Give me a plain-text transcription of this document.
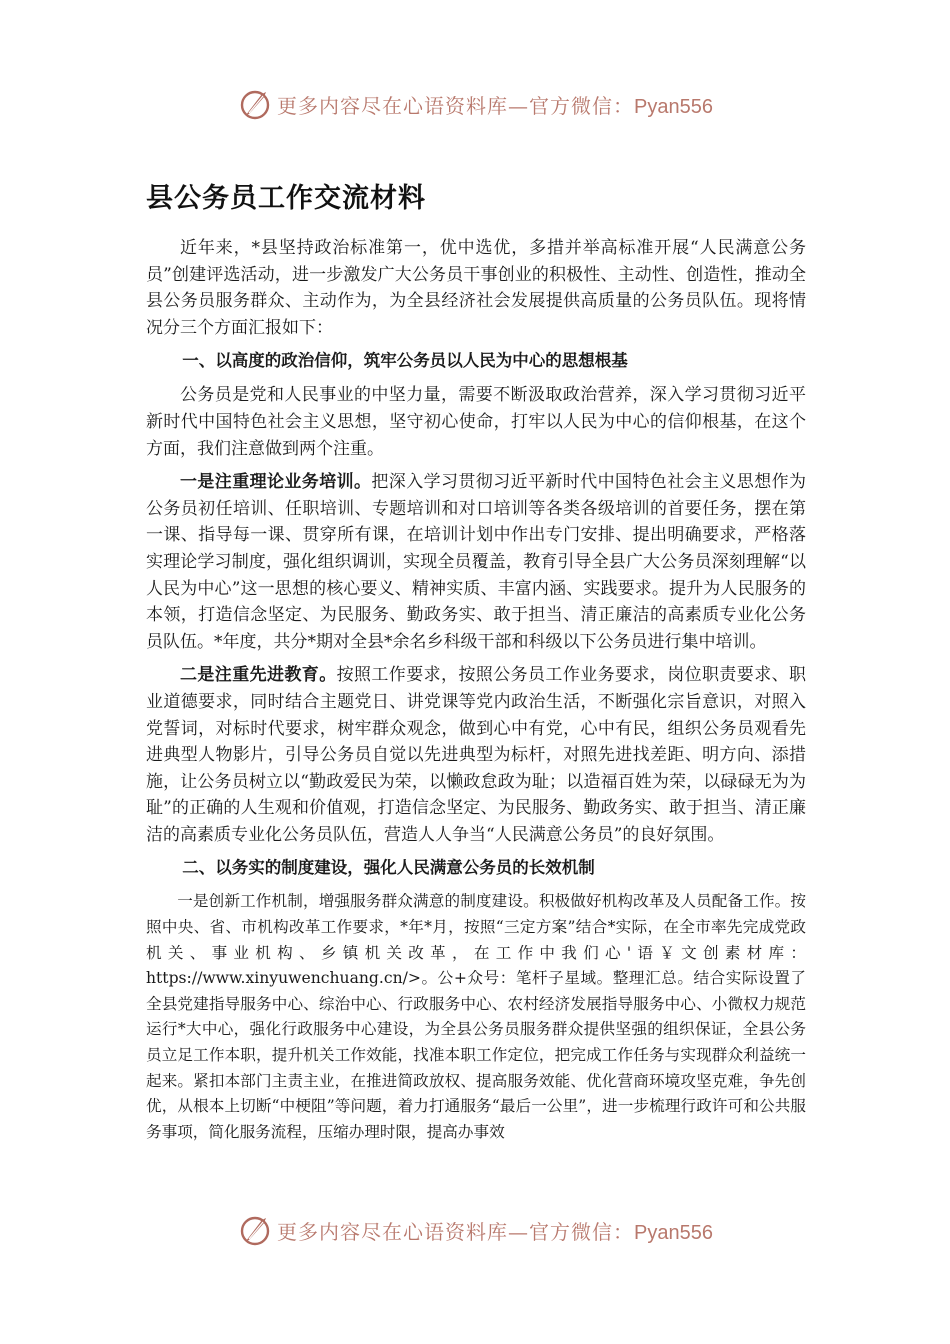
更多内容尽在心语资料库—官方微信：Pyan556
县公务员工作交流材料

近年来，*县坚持政治标准第一，优中选优，多措并举高标准开展“人民满意公务员”创建评选活动，进一步激发广大公务员干事创业的积极性、主动性、创造性，推动全县公务员服务群众、主动作为，为全县经济社会发展提供高质量的公务员队伍。现将情况分三个方面汇报如下：

一、以高度的政治信仰，筑牢公务员以人民为中心的思想根基

公务员是党和人民事业的中坚力量，需要不断汲取政治营养，深入学习贯彻习近平新时代中国特色社会主义思想，坚守初心使命，打牢以人民为中心的信仰根基，在这个方面，我们注意做到两个注重。

一是注重理论业务培训。把深入学习贯彻习近平新时代中国特色社会主义思想作为公务员初任培训、任职培训、专题培训和对口培训等各类各级培训的首要任务，摆在第一课、指导每一课、贯穿所有课，在培训计划中作出专门安排、提出明确要求，严格落实理论学习制度，强化组织调训，实现全员覆盖，教育引导全县广大公务员深刻理解“以人民为中心”这一思想的核心要义、精神实质、丰富内涵、实践要求。提升为人民服务的本领，打造信念坚定、为民服务、勤政务实、敢于担当、清正廉洁的高素质专业化公务员队伍。*年度，共分*期对全县*余名乡科级干部和科级以下公务员进行集中培训。

二是注重先进教育。按照工作要求，按照公务员工作业务要求，岗位职责要求、职业道德要求，同时结合主题党日、讲党课等党内政治生活，不断强化宗旨意识，对照入党誓词，对标时代要求，树牢群众观念，做到心中有党，心中有民，组织公务员观看先进典型人物影片，引导公务员自觉以先进典型为标杆，对照先进找差距、明方向、添措施，让公务员树立以“勤政爱民为荣，以懒政怠政为耻；以造福百姓为荣，以碌碌无为为耻”的正确的人生观和价值观，打造信念坚定、为民服务、勤政务实、敢于担当、清正廉洁的高素质专业化公务员队伍，营造人人争当“人民满意公务员”的良好氛围。

二、以务实的制度建设，强化人民满意公务员的长效机制

一是创新工作机制，增强服务群众满意的制度建设。积极做好机构改革及人员配备工作。按照中央、省、市机构改革工作要求，*年*月，按照“三定方案”结合*实际，在全市率先完成党政机关、事业机构、乡镇机关改革，在工作中我们心'语￥文创素材库：https://www.xinyuwenchuang.cn/>。公+众号：笔杆子星域。整理汇总。结合实际设置了全县党建指导服务中心、综治中心、行政服务中心、农村经济发展指导服务中心、小微权力规范运行*大中心，强化行政服务中心建设，为全县公务员服务群众提供坚强的组织保证，全县公务员立足工作本职，提升机关工作效能，找准本职工作定位，把完成工作任务与实现群众利益统一起来。紧扣本部门主责主业，在推进简政放权、提高服务效能、优化营商环境攻坚克难，争先创优，从根本上切断“中梗阻”等问题，着力打通服务“最后一公里”，进一步梳理行政许可和公共服务事项，简化服务流程，压缩办理时限，提高办事效

更多内容尽在心语资料库—官方微信：Pyan556
